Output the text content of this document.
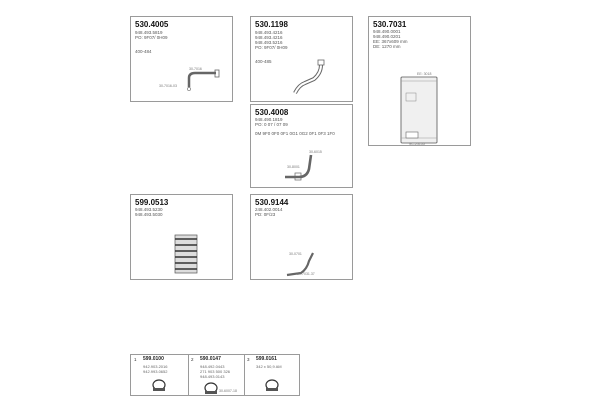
530.4005
948.493.5819
PO: 9F07/ 0H09
400-484
30-7016
30-7016-03
530.1198
948.493.4216
948.493.4216
948.493.5216
PO: 9F07/ 0H09
400-485
530.7031
948.490.0001
948.490.0201
EE: 367x609 mm
DE: 1270 mm
EE: 3018
SC-23155
530.4008
948.490.1819
PO: 0 07 / 07 09
0M 9F0 0F0 0F1 0G1 0G2 0F1 0F3 1F0
30-6015
30-8001
599.0513
948.493.5230
948.493.5030
530.9144
248.402.0014
PD: 0F/23
30-0701
50-7031.37
1 599.0100
942.903.2016
942.993.0652
2 590.0147
948.492.0443
271 903 500 326
948.493.0143
30-6007-18
3 599.0161
342 x 50,9 AM
